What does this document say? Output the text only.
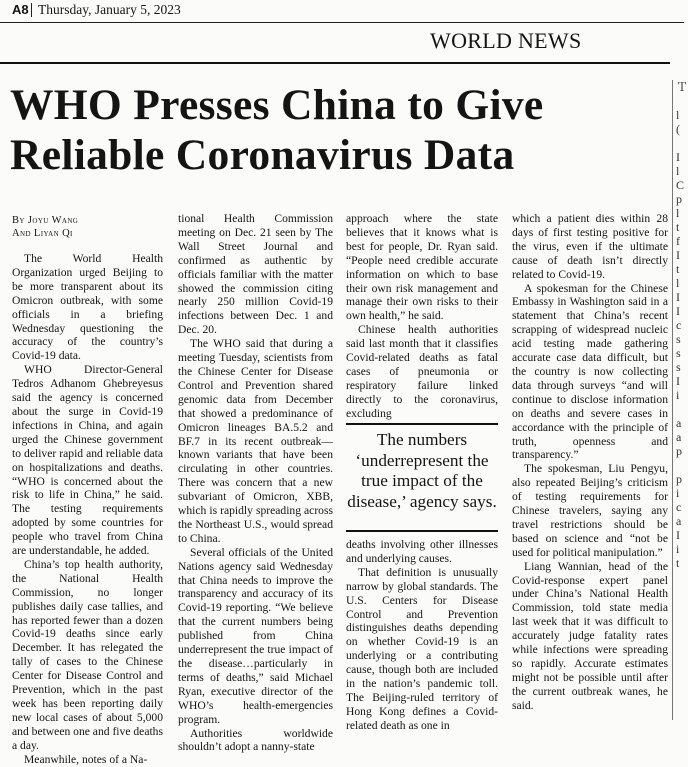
A8 Thursday, January 5, 2023
WORLD NEWS
Ｔ

l
(

I
l
C
p
l
t
f
I
t
l
I
I
c
s
s
s
I
i

a
a
p

p
i
c
a
I
i
t
WHO Presses China to Give
Reliable Coronavirus Data
By Joyu Wang
And Liyan Qi

The World Health Organization urged Beijing to be more transparent about its Omicron outbreak, with some officials in a briefing Wednesday questioning the accuracy of the country’s Covid-19 data.

WHO Director-General Tedros Adhanom Ghebreyesus said the agency is concerned about the surge in Covid-19 infections in China, and again urged the Chinese government to deliver rapid and reliable data on hospitalizations and deaths. “WHO is concerned about the risk to life in China,” he said. The testing requirements adopted by some countries for people who travel from China are understandable, he added.

China’s top health authority, the National Health Commission, no longer publishes daily case tallies, and has reported fewer than a dozen Covid-19 deaths since early December. It has relegated the tally of cases to the Chinese Center for Disease Control and Prevention, which in the past week has been reporting daily new local cases of about 5,000 and between one and five deaths a day.

Meanwhile, notes of a Na-

tional Health Commission meeting on Dec. 21 seen by The Wall Street Journal and confirmed as authentic by officials familiar with the matter showed the commission citing nearly 250 million Covid-19 infections between Dec. 1 and Dec. 20.

The WHO said that during a meeting Tuesday, scientists from the Chinese Center for Disease Control and Prevention shared genomic data from December that showed a predominance of Omicron lineages BA.5.2 and BF.7 in its recent outbreak—known variants that have been circulating in other countries. There was concern that a new subvariant of Omicron, XBB, which is rapidly spreading across the Northeast U.S., would spread to China.

Several officials of the United Nations agency said Wednesday that China needs to improve the transparency and accuracy of its Covid-19 reporting. “We believe that the current numbers being published from China underrepresent the true impact of the disease…particularly in terms of deaths,” said Michael Ryan, executive director of the WHO’s health-emergencies program.

Authorities worldwide shouldn’t adopt a nanny-state

approach where the state believes that it knows what is best for people, Dr. Ryan said. “People need credible accurate information on which to base their own risk management and manage their own risks to their own health,” he said.

Chinese health authorities said last month that it classifies Covid-related deaths as fatal cases of pneumonia or respiratory failure linked directly to the coronavirus, excluding

The numbers ‘underrepresent the true impact of the disease,’ agency says.

deaths involving other illnesses and underlying causes.

That definition is unusually narrow by global standards. The U.S. Centers for Disease Control and Prevention distinguishes deaths depending on whether Covid-19 is an underlying or a contributing cause, though both are included in the nation’s pandemic toll. The Beijing-ruled territory of Hong Kong defines a Covid-related death as one in

which a patient dies within 28 days of first testing positive for the virus, even if the ultimate cause of death isn’t directly related to Covid-19.

A spokesman for the Chinese Embassy in Washington said in a statement that China’s recent scrapping of widespread nucleic acid testing made gathering accurate case data difficult, but the country is now collecting data through surveys “and will continue to disclose information on deaths and severe cases in accordance with the principle of truth, openness and transparency.”

The spokesman, Liu Pengyu, also repeated Beijing’s criticism of testing requirements for Chinese travelers, saying any travel restrictions should be based on science and “not be used for political manipulation.”

Liang Wannian, head of the Covid-response expert panel under China’s National Health Commission, told state media last week that it was difficult to accurately judge fatality rates while infections were spreading so rapidly. Accurate estimates might not be possible until after the current outbreak wanes, he said.
